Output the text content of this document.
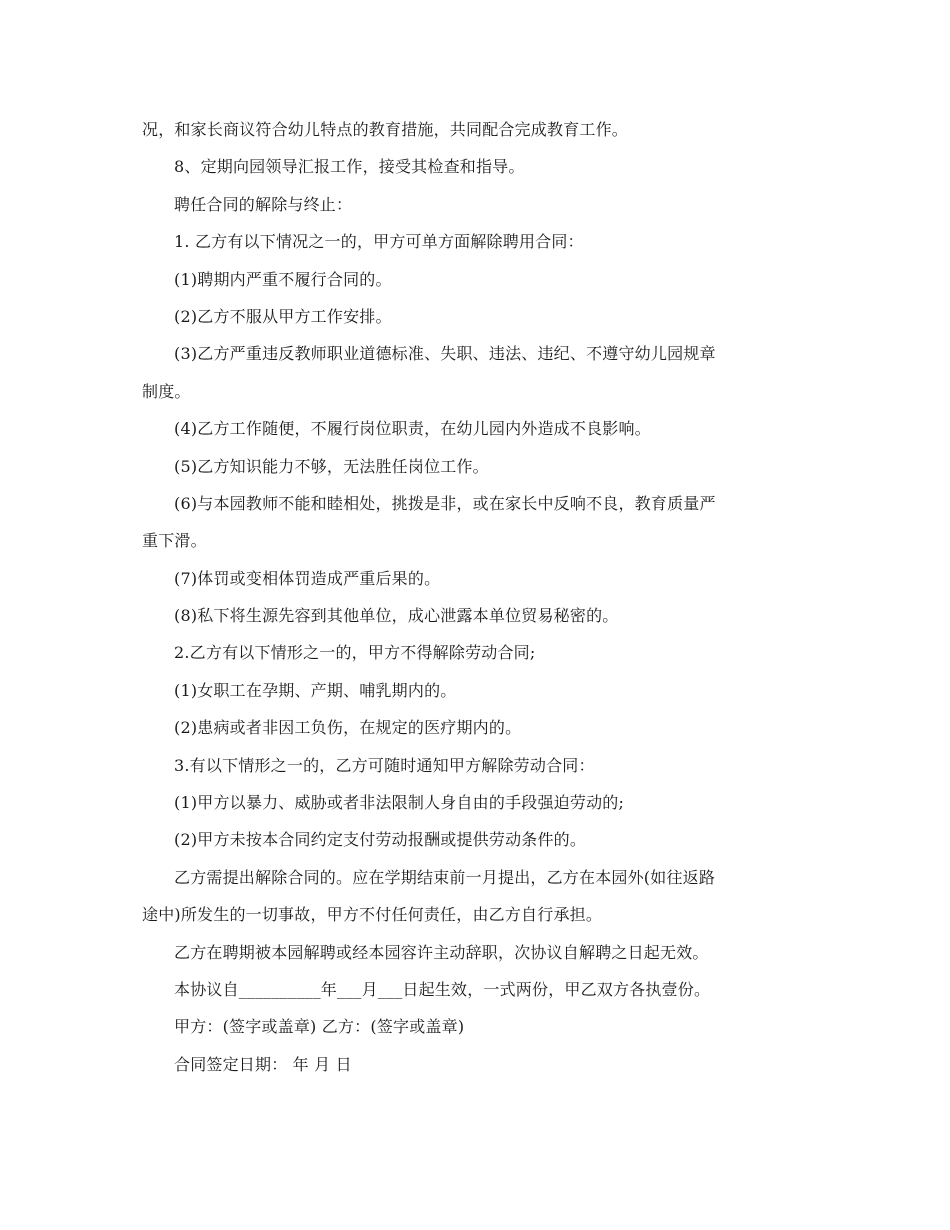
况，和家长商议符合幼儿特点的教育措施，共同配合完成教育工作。
8、定期向园领导汇报工作，接受其检查和指导。
聘任合同的解除与终止：
1. 乙方有以下情况之一的，甲方可单方面解除聘用合同：
(1)聘期内严重不履行合同的。
(2)乙方不服从甲方工作安排。
(3)乙方严重违反教师职业道德标准、失职、违法、违纪、不遵守幼儿园规章
制度。
(4)乙方工作随便，不履行岗位职责，在幼儿园内外造成不良影响。
(5)乙方知识能力不够，无法胜任岗位工作。
(6)与本园教师不能和睦相处，挑拨是非，或在家长中反响不良，教育质量严
重下滑。
(7)体罚或变相体罚造成严重后果的。
(8)私下将生源先容到其他单位，成心泄露本单位贸易秘密的。
2.乙方有以下情形之一的，甲方不得解除劳动合同;
(1)女职工在孕期、产期、哺乳期内的。
(2)患病或者非因工负伤，在规定的医疗期内的。
3.有以下情形之一的，乙方可随时通知甲方解除劳动合同：
(1)甲方以暴力、威胁或者非法限制人身自由的手段强迫劳动的;
(2)甲方未按本合同约定支付劳动报酬或提供劳动条件的。
乙方需提出解除合同的。应在学期结束前一月提出，乙方在本园外(如往返路
途中)所发生的一切事故，甲方不付任何责任，由乙方自行承担。
乙方在聘期被本园解聘或经本园容许主动辞职，次协议自解聘之日起无效。
本协议自__________年___月___日起生效，一式两份，甲乙双方各执壹份。
甲方：(签字或盖章) 乙方：(签字或盖章)
合同签定日期： 年 月 日
